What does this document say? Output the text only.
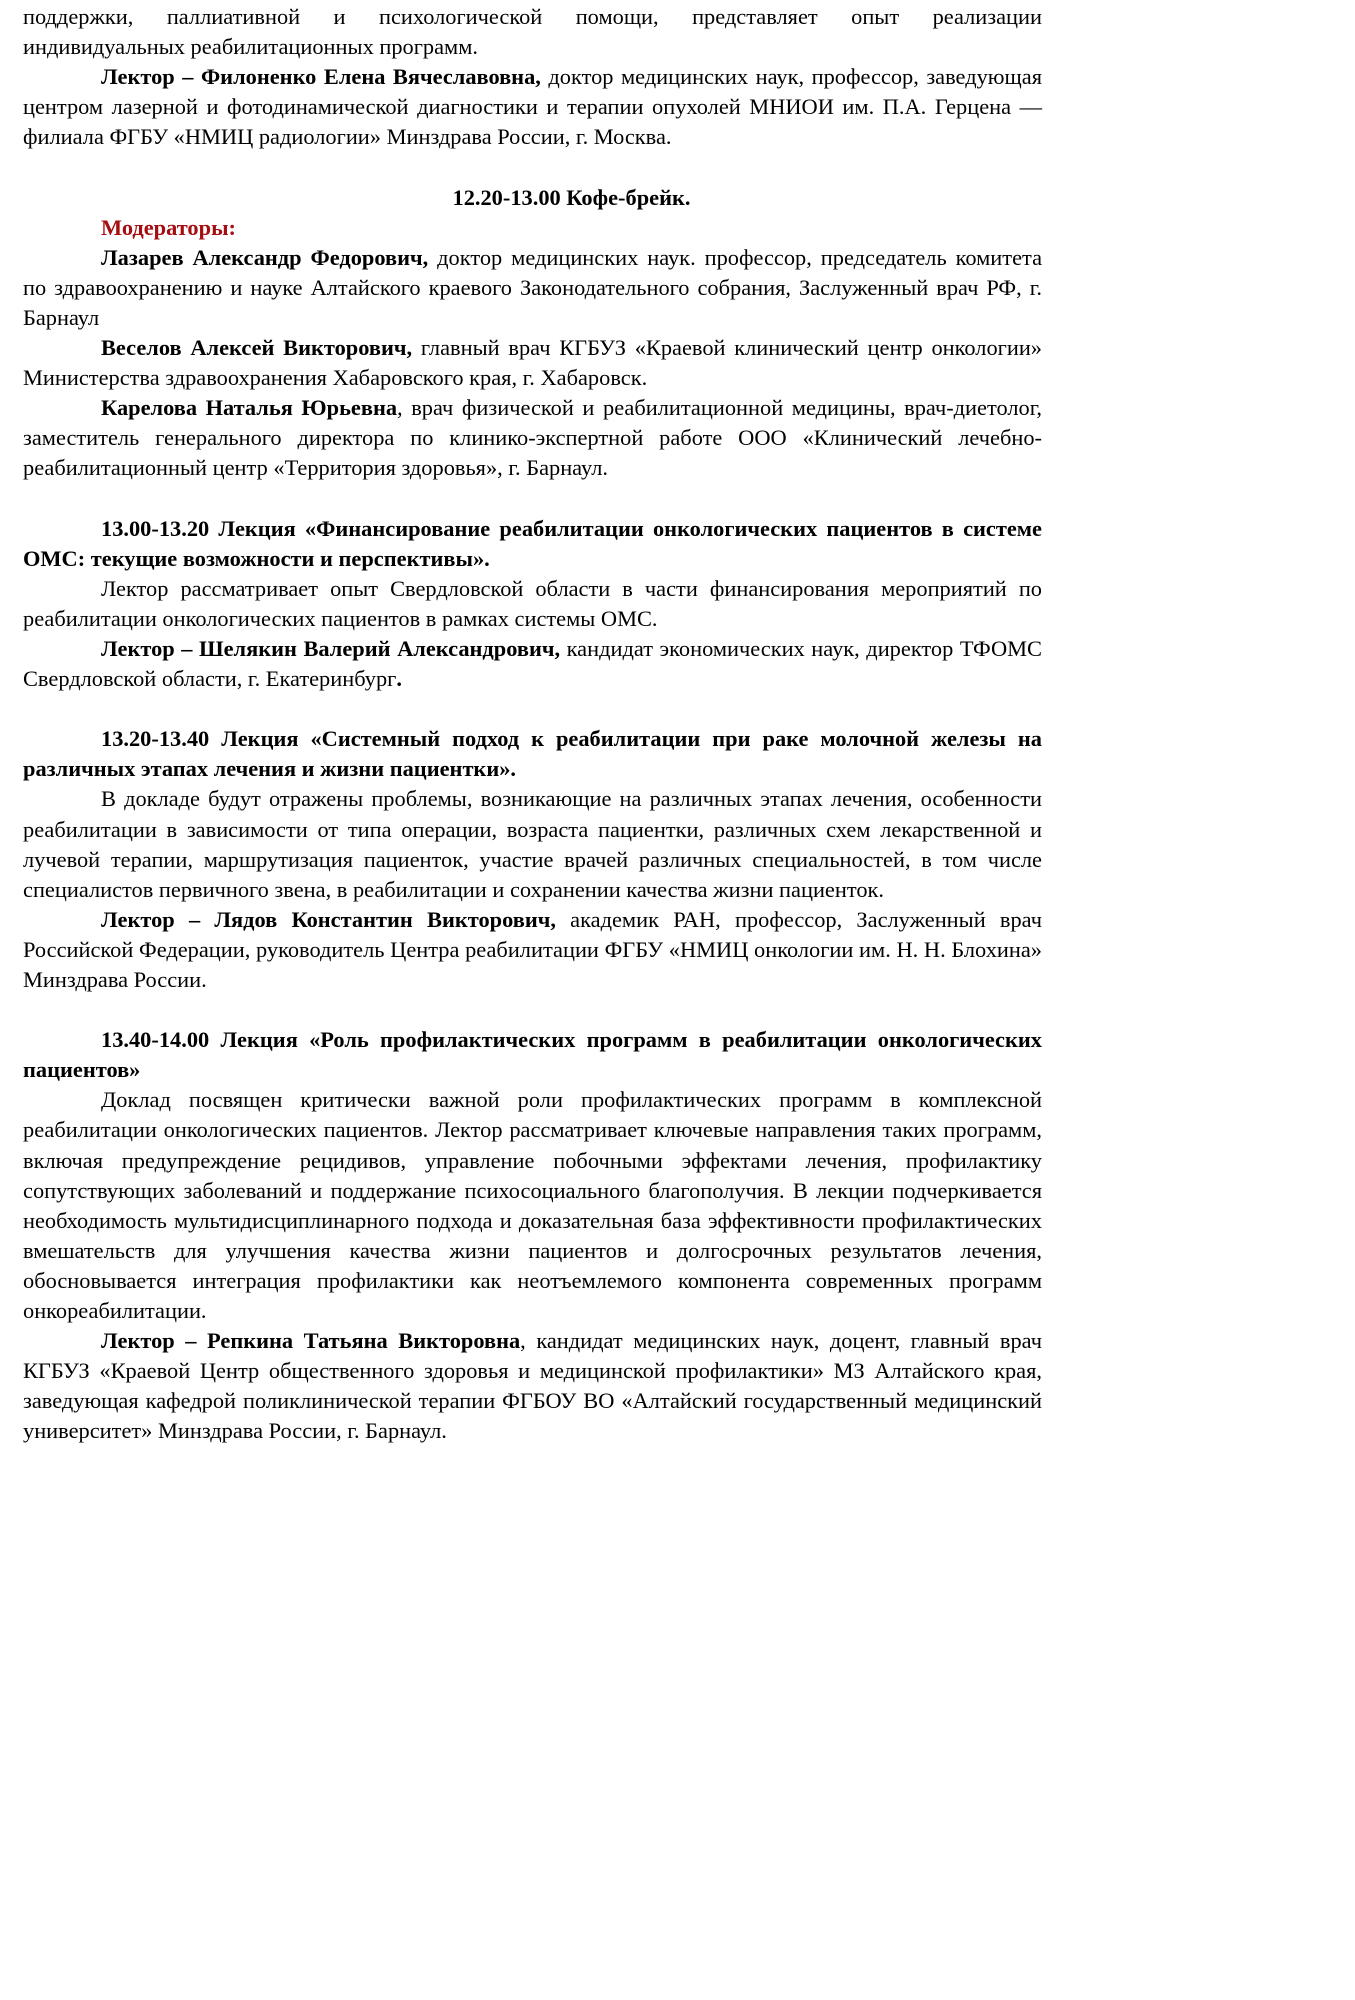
поддержки, паллиативной и психологической помощи, представляет опыт реализации

индивидуальных реабилитационных программ.

Лектор – Филоненко Елена Вячеславовна, доктор медицинских наук, профессор, заведующая центром лазерной и фотодинамической диагностики и терапии опухолей МНИОИ им. П.А. Герцена — филиала ФГБУ «НМИЦ радиологии» Минздрава России, г. Москва.

12.20-13.00 Кофе-брейк.

Модераторы:

Лазарев Александр Федорович, доктор медицинских наук. профессор, председатель комитета по здравоохранению и науке Алтайского краевого Законодательного собрания, Заслуженный врач РФ, г. Барнаул

Веселов Алексей Викторович, главный врач КГБУЗ «Краевой клинический центр онкологии» Министерства здравоохранения Хабаровского края, г. Хабаровск.

Карелова Наталья Юрьевна, врач физической и реабилитационной медицины, врач-диетолог, заместитель генерального директора по клинико-экспертной работе ООО «Клинический лечебно-реабилитационный центр «Территория здоровья», г. Барнаул.

13.00-13.20 Лекция «Финансирование реабилитации онкологических пациентов в системе ОМС: текущие возможности и перспективы».

Лектор рассматривает опыт Свердловской области в части финансирования мероприятий по реабилитации онкологических пациентов в рамках системы ОМС.

Лектор – Шелякин Валерий Александрович, кандидат экономических наук, директор ТФОМС Свердловской области, г. Екатеринбург.

13.20-13.40 Лекция «Системный подход к реабилитации при раке молочной железы на различных этапах лечения и жизни пациентки».

В докладе будут отражены проблемы, возникающие на различных этапах лечения, особенности реабилитации в зависимости от типа операции, возраста пациентки, различных схем лекарственной и лучевой терапии, маршрутизация пациенток, участие врачей различных специальностей, в том числе специалистов первичного звена, в реабилитации и сохранении качества жизни пациенток.

Лектор – Лядов Константин Викторович, академик РАН, профессор, Заслуженный врач Российской Федерации, руководитель Центра реабилитации ФГБУ «НМИЦ онкологии им. Н. Н. Блохина» Минздрава России.

13.40-14.00 Лекция «Роль профилактических программ в реабилитации онкологических пациентов»

Доклад посвящен критически важной роли профилактических программ в комплексной реабилитации онкологических пациентов. Лектор рассматривает ключевые направления таких программ, включая предупреждение рецидивов, управление побочными эффектами лечения, профилактику сопутствующих заболеваний и поддержание психосоциального благополучия. В лекции подчеркивается необходимость мультидисциплинарного подхода и доказательная база эффективности профилактических вмешательств для улучшения качества жизни пациентов и долгосрочных результатов лечения, обосновывается интеграция профилактики как неотъемлемого компонента современных программ онкореабилитации.

Лектор – Репкина Татьяна Викторовна, кандидат медицинских наук, доцент, главный врач КГБУЗ «Краевой Центр общественного здоровья и медицинской профилактики» МЗ Алтайского края, заведующая кафедрой поликлинической терапии ФГБОУ ВО «Алтайский государственный медицинский университет» Минздрава России, г. Барнаул.
